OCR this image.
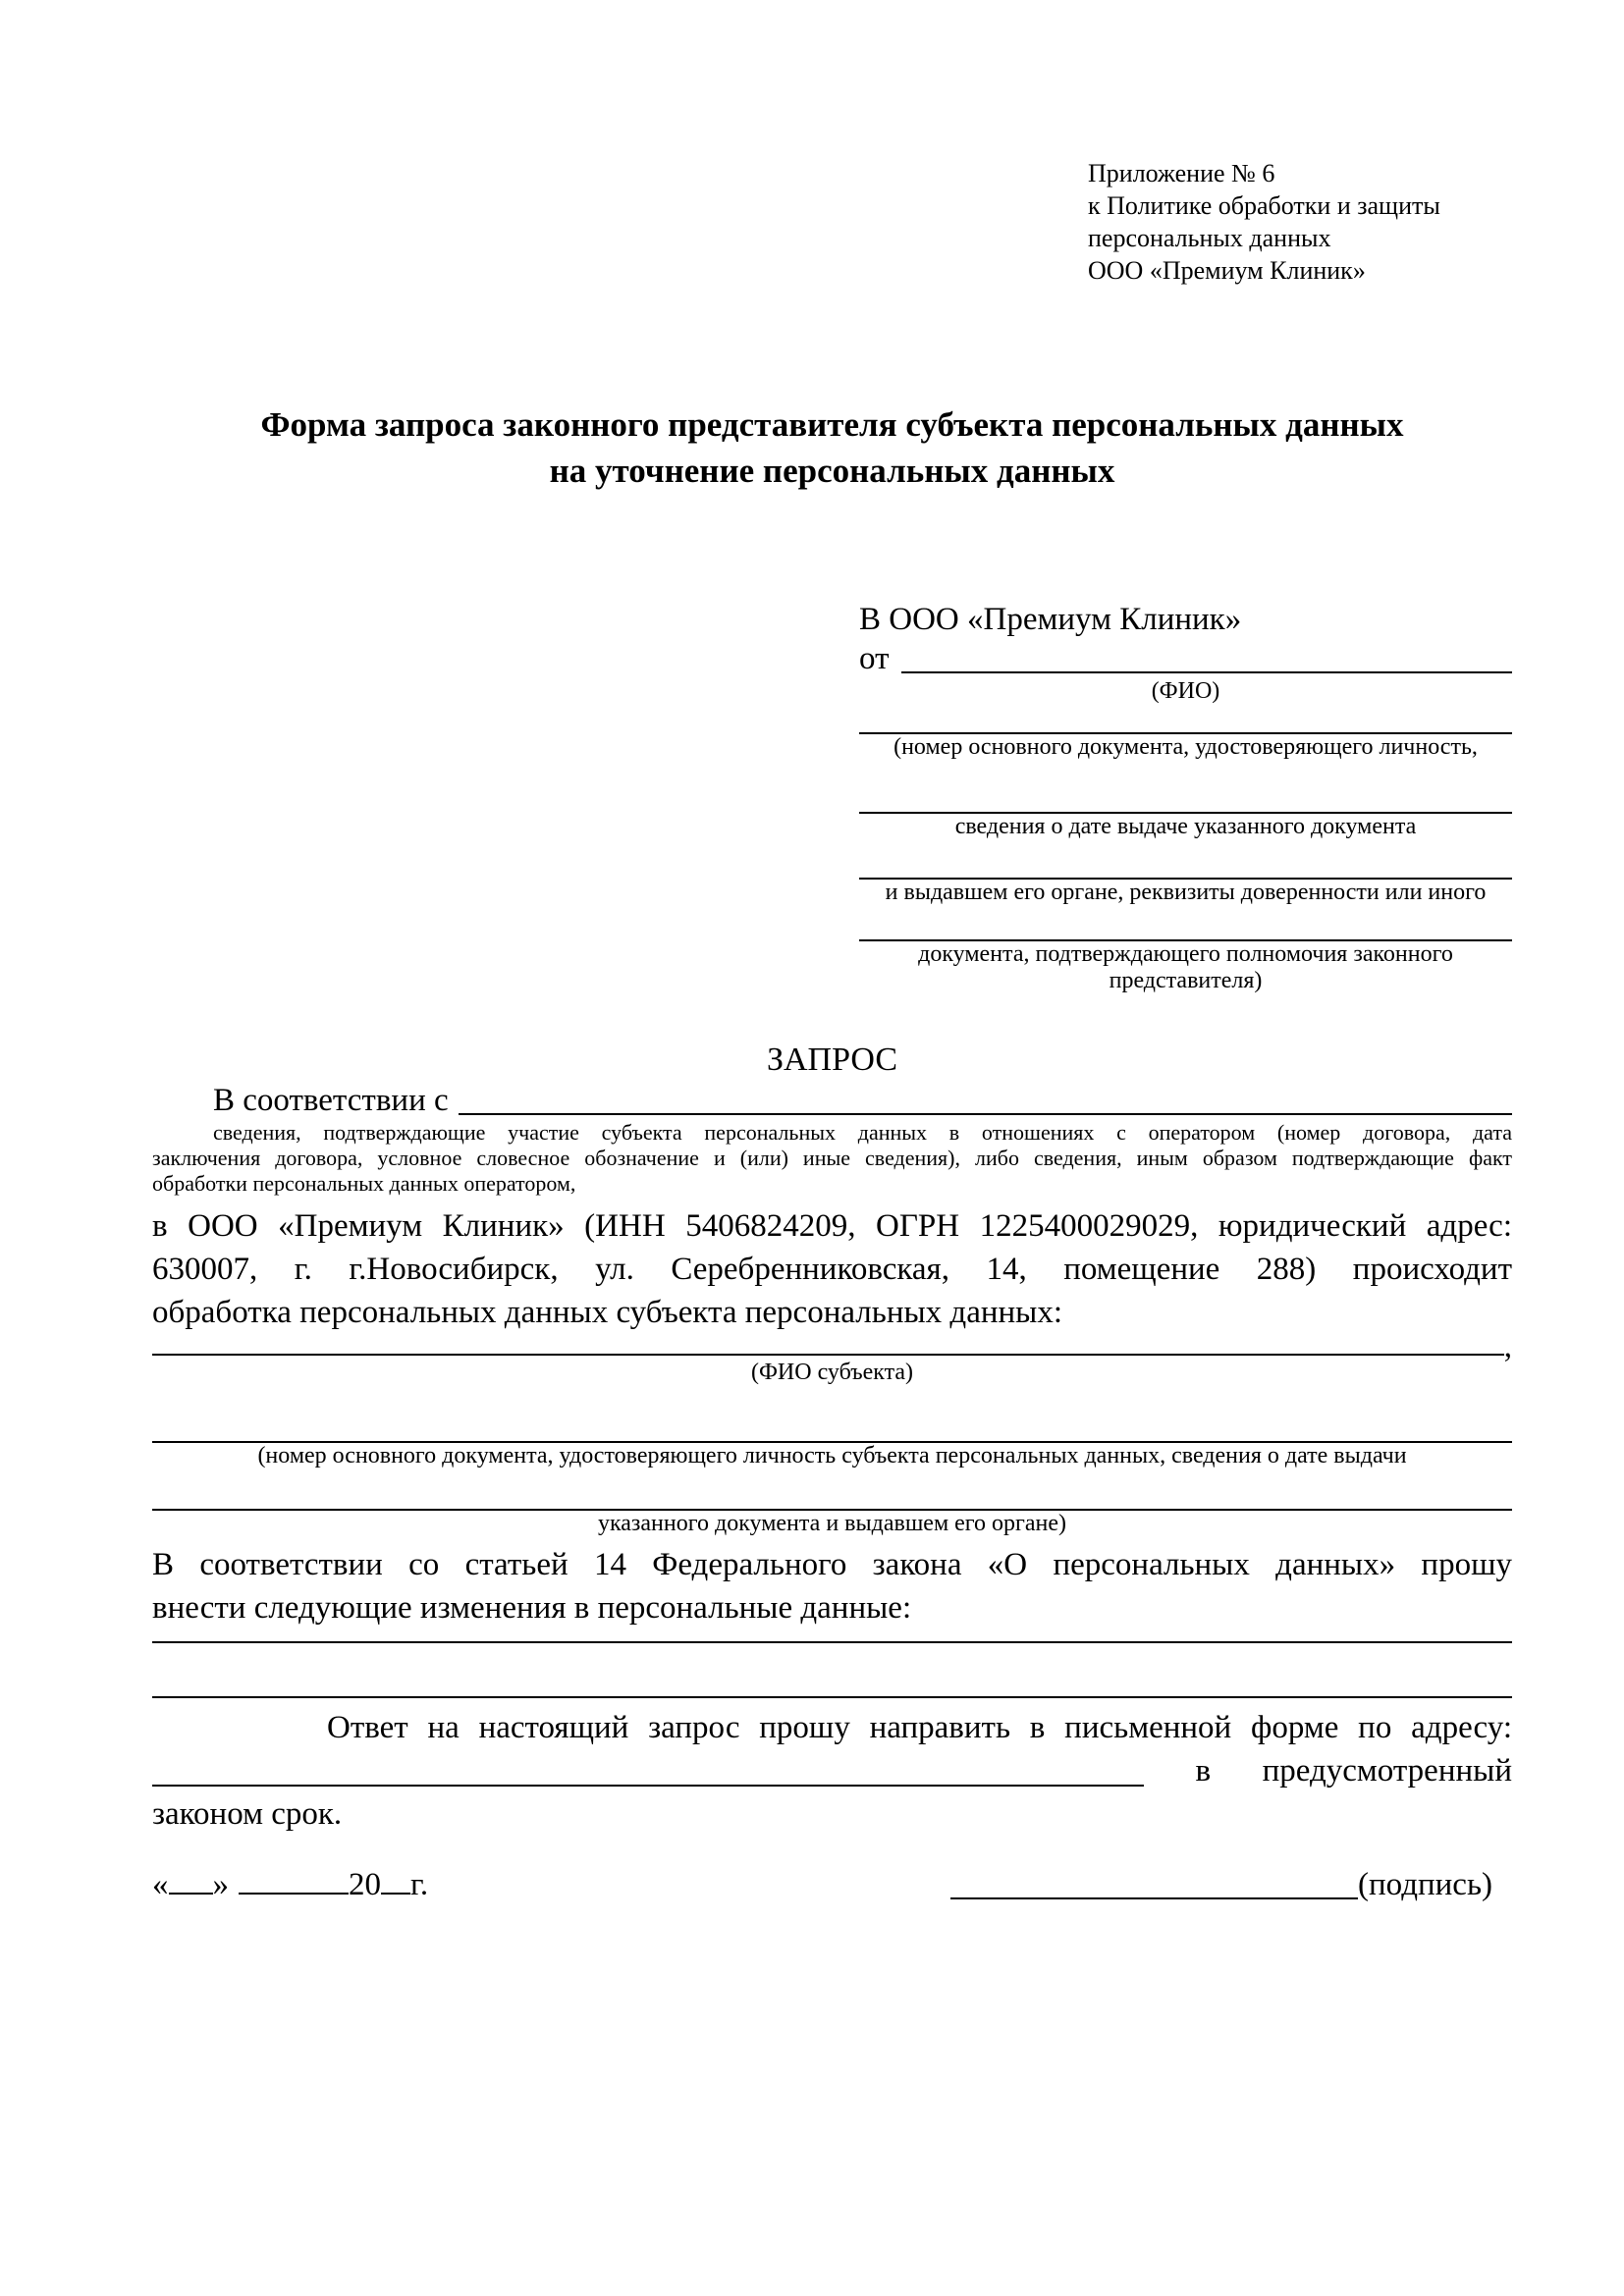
Приложение № 6
к Политике обработки и защиты
персональных данных
ООО «Премиум Клиник»
Форма запроса законного представителя субъекта персональных данных
на уточнение персональных данных
В ООО «Премиум Клиник»
от
(ФИО)
(номер основного документа, удостоверяющего личность,
сведения о дате выдаче указанного документа
и выдавшем его органе, реквизиты доверенности или иного
документа, подтверждающего полномочия законного представителя)
ЗАПРОС
В соответствии с
сведения, подтверждающие участие субъекта персональных данных в отношениях с оператором (номер договора, дата
заключения договора, условное словесное обозначение и (или) иные сведения), либо сведения, иным образом подтверждающие факт
обработки персональных данных оператором,
в ООО «Премиум Клиник» (ИНН 5406824209, ОГРН 1225400029029, юридический адрес:
630007, г. г.Новосибирск, ул. Серебренниковская, 14, помещение 288) происходит
обработка персональных данных субъекта персональных данных:
,
(ФИО субъекта)
(номер основного документа, удостоверяющего личность субъекта персональных данных, сведения о дате выдачи
указанного документа и выдавшем его органе)
В соответствии со статьей 14 Федерального закона «О персональных данных» прошу
внести следующие изменения в персональные данные:
Ответ на настоящий запрос прошу направить в письменной форме по адресу:
в предусмотренный
законом срок.
« »	20 г.	(подпись)
